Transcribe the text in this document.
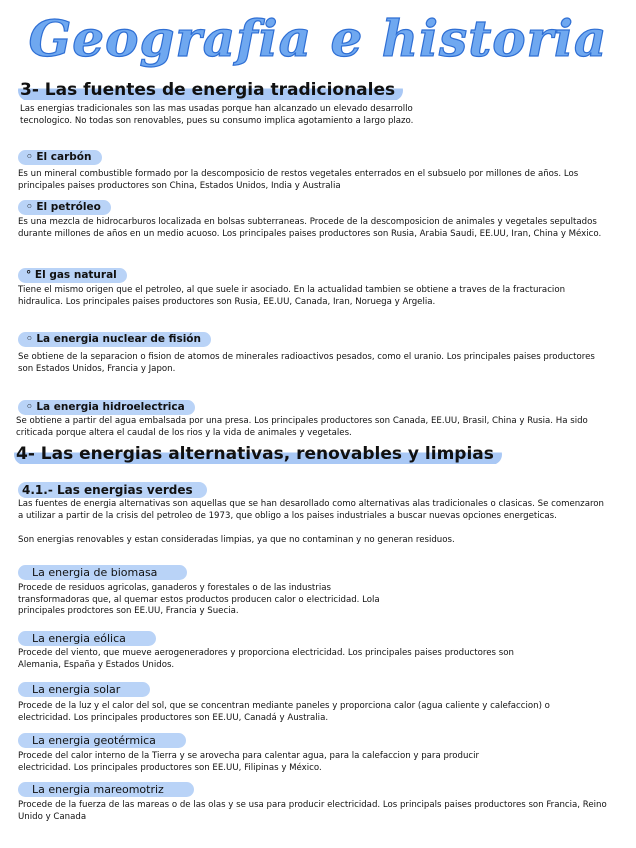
Geografia e historia
3- Las fuentes de energia tradicionales
Las energias tradicionales son las mas usadas porque han alcanzado un elevado desarrollo tecnologico. No todas son renovables, pues su consumo implica agotamiento a largo plazo.
◦ El carbón
Es un mineral combustible formado por la descomposicio de restos vegetales enterrados en el subsuelo por millones de años. Los principales paises productores son China, Estados Unidos, India y Australia
◦ El petróleo
Es una mezcla de hidrocarburos localizada en bolsas subterraneas. Procede de la descomposicion de animales y vegetales sepultados durante millones de años en un medio acuoso. Los principales paises productores son Rusia, Arabia Saudi, EE.UU, Iran, China y México.
° El gas natural
Tiene el mismo origen que el petroleo, al que suele ir asociado. En la actualidad tambien se obtiene a traves de la fracturacion hidraulica. Los principales paises productores son Rusia, EE.UU, Canada, Iran, Noruega y Argelia.
◦ La energia nuclear de fisión
Se obtiene de la separacion o fision de atomos de minerales radioactivos pesados, como el uranio. Los principales paises productores son Estados Unidos, Francia y Japon.
◦ La energia hidroelectrica
Se obtiene a partir del agua embalsada por una presa. Los principales productores son Canada, EE.UU, Brasil, China y Rusia. Ha sido criticada porque altera el caudal de los rios y la vida de animales y vegetales.
4- Las energias alternativas, renovables y limpias
4.1.- Las energias verdes
Las fuentes de energia alternativas son aquellas que se han desarollado como alternativas alas tradicionales o clasicas. Se comenzaron a utilizar a partir de la crisis del petroleo de 1973, que obligo a los paises industriales a buscar nuevas opciones energeticas.
Son energias renovables y estan consideradas limpias, ya que no contaminan y no generan residuos.
La energia de biomasa
Procede de residuos agricolas, ganaderos y forestales o de las industrias transformadoras que, al quemar estos productos producen calor o electricidad. Lola principales prodctores son EE.UU, Francia y Suecia.
La energia eólica
Procede del viento, que mueve aerogeneradores y proporciona electricidad. Los principales paises productores son Alemania, España y Estados Unidos.
La energia solar
Procede de la luz y el calor del sol, que se concentran mediante paneles y proporciona calor (agua caliente y calefaccion) o electricidad. Los principales productores son EE.UU, Canadá y Australia.
La energia geotérmica
Procede del calor interno de la Tierra y se arovecha para calentar agua, para la calefaccion y para producir electricidad. Los principales productores son EE.UU, Filipinas y México.
La energia mareomotriz
Procede de la fuerza de las mareas o de las olas y se usa para producir electricidad. Los principals paises productores son Francia, Reino Unido y Canada
